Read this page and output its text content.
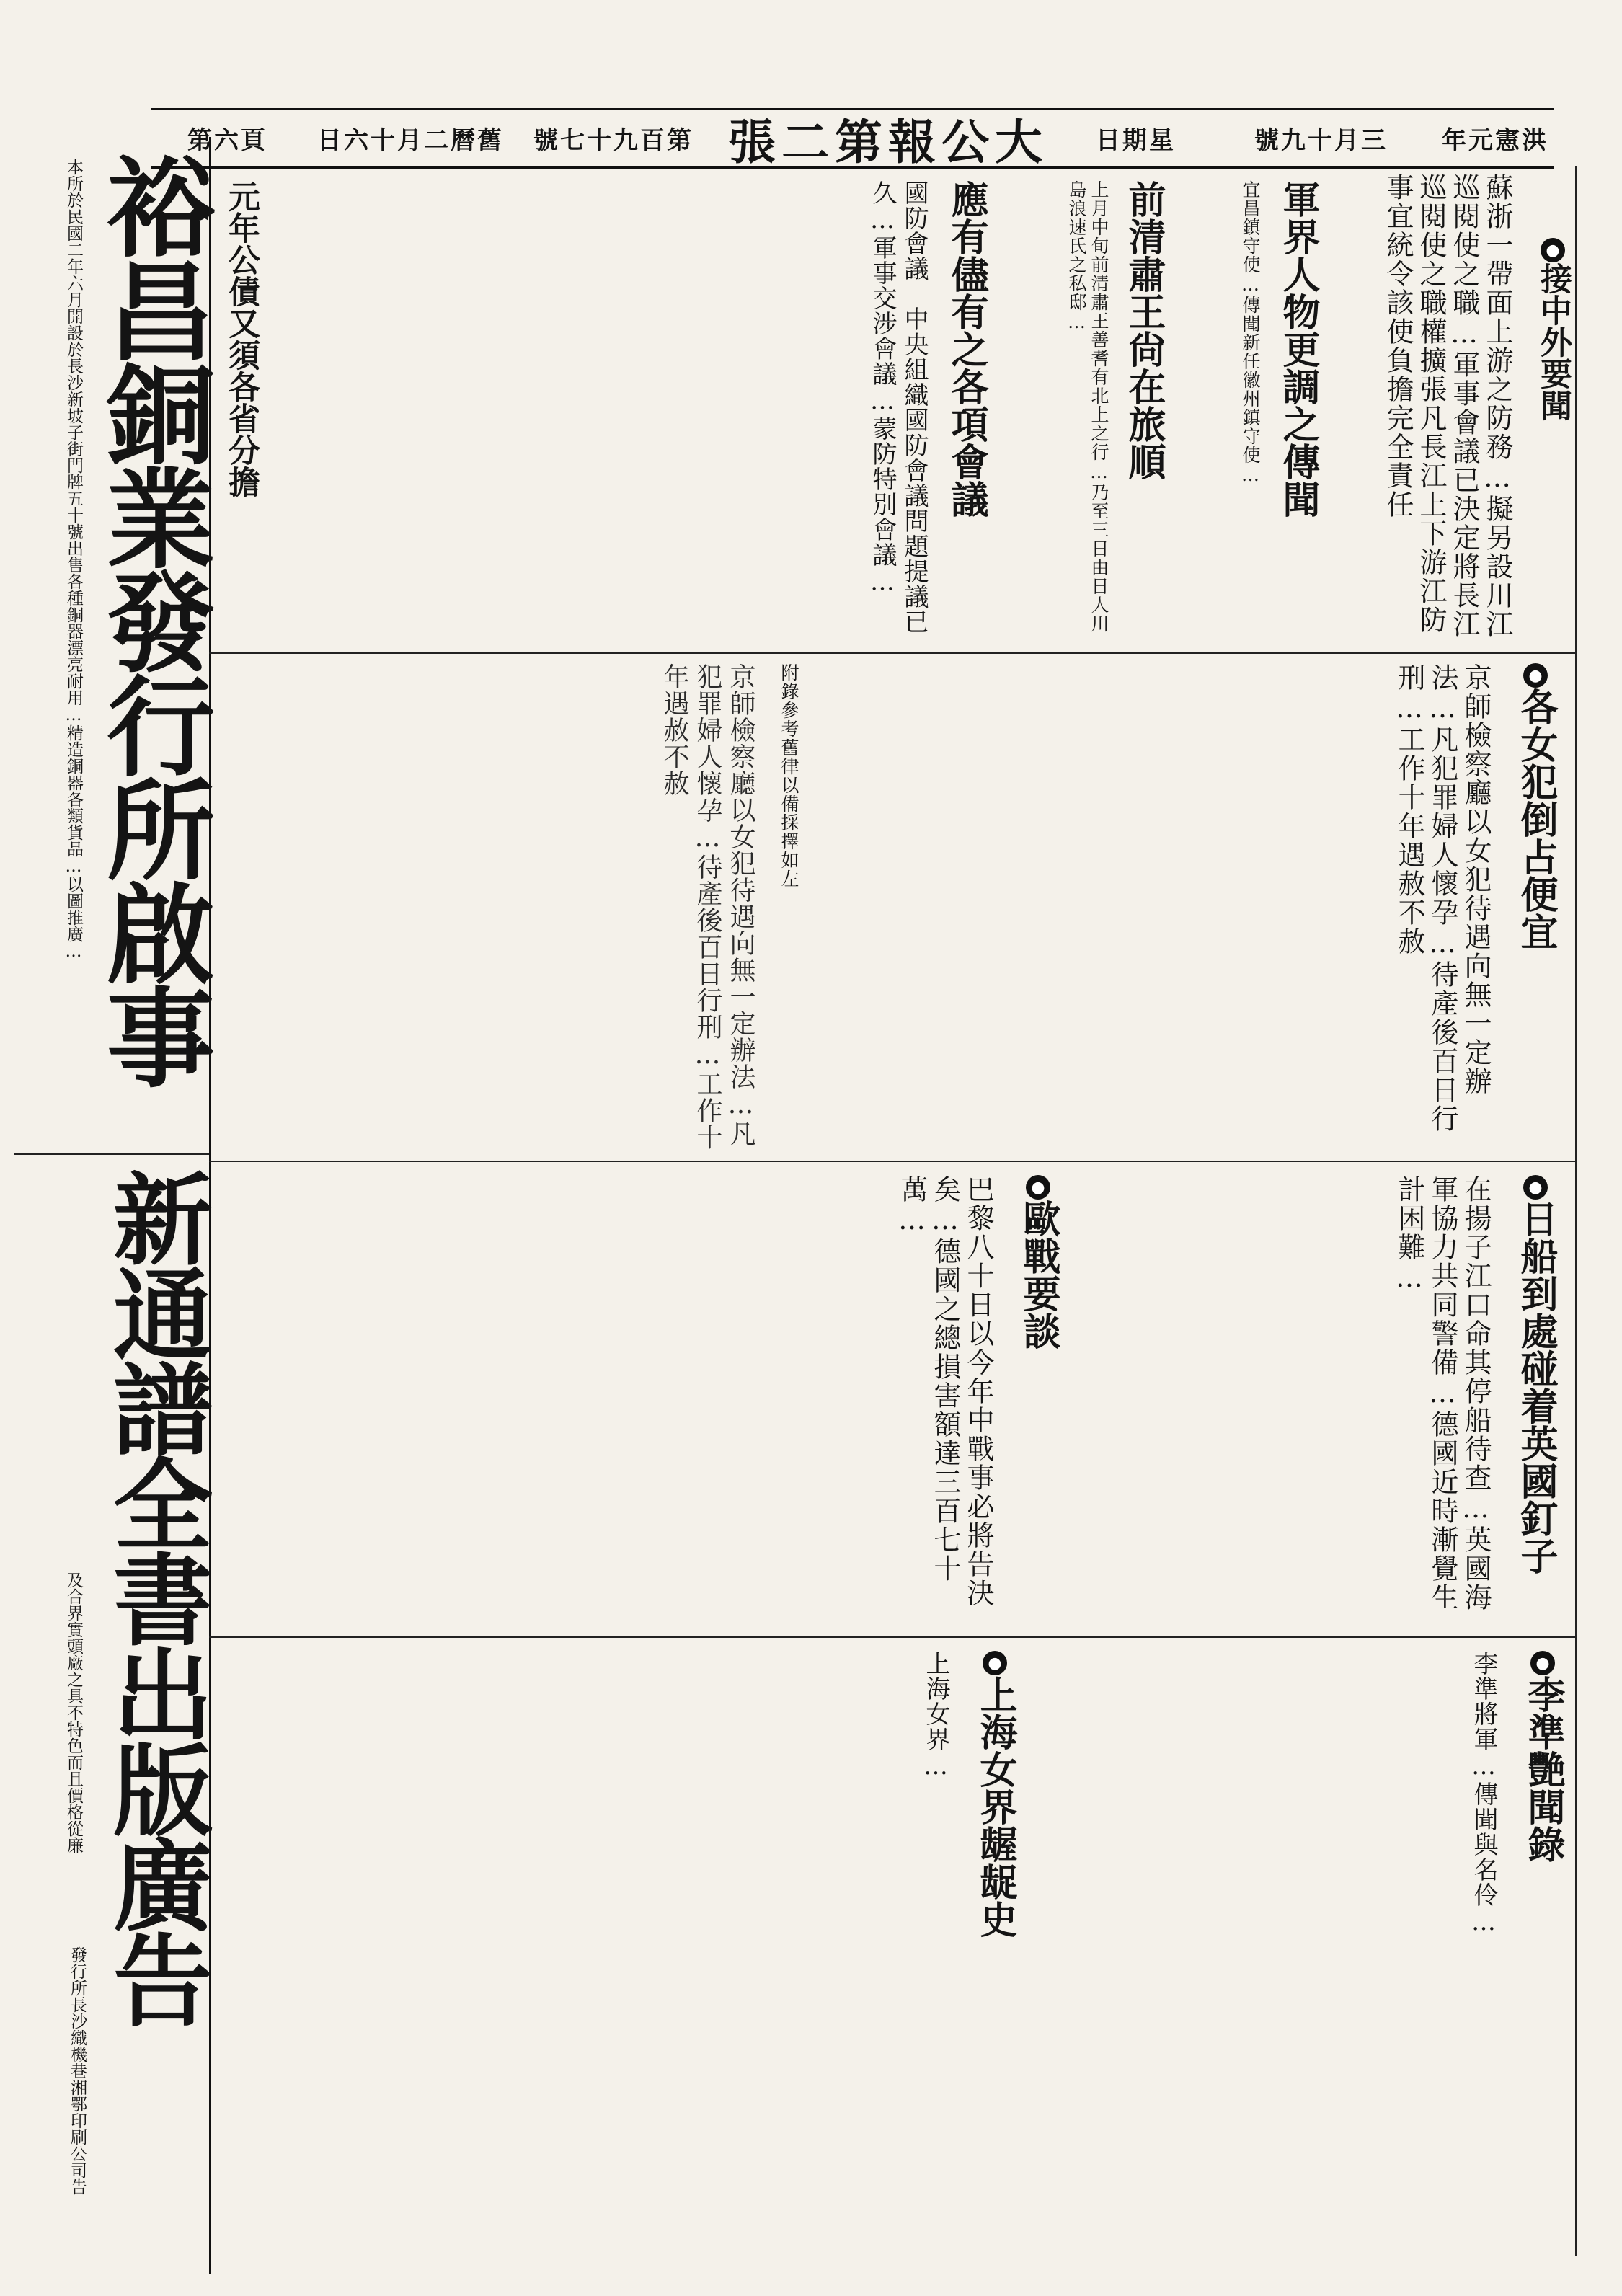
第六頁	日六十月二曆舊	號七十九百第 張二第報公大	日期星	號九十月三	年元憲洪
裕昌銅業發行所啟事
本所於民國二年六月開設於長沙新坡子街門牌五十號出售各種銅器漂亮耐用…精造銅器各類貨品…以圖推廣…
及合界實頭廠之具不特色而且價格從廉 新通譜全書出版廣告
發行所長沙織機巷湘鄂印刷公司告
●接中外要聞
蘇浙一帶面上游之防務…擬另設川江巡閱使之職…軍事會議已決定將長江巡閱使之職權擴張凡長江上下游江防事宜統令該使負擔完全責任
軍界人物更調之傳聞
宜昌鎮守使…傳聞新任徽州鎮守使…
前清肅王尙在旅順
上月中旬前清肅王善耆有北上之行…乃至三日由日人川島浪速氏之私邸…
應有儘有之各項會議
國防會議　中央組織國防會議問題提議已久…軍事交涉會議…蒙防特別會議…
元年公債又須各省分擔
●各女犯倒占便宜
京師檢察廳以女犯待遇向無一定辦法…凡犯罪婦人懷孕…待產後百日行刑…工作十年遇赦不赦
附錄參考舊律以備採擇如左
京師檢察廳以女犯待遇向無一定辦法…凡犯罪婦人懷孕…待產後百日行刑…工作十年遇赦不赦
●日船到處碰着英國釘子
在揚子江口命其停船待查…英國海軍協力共同警備…德國近時漸覺生計困難…
●歐戰要談
巴黎八十日以今年中戰事必將告決矣…德國之總損害額達三百七十萬…
●李準艷聞錄
李準將軍…傳聞與名伶…
●上海女界龌龊史
上海女界…
